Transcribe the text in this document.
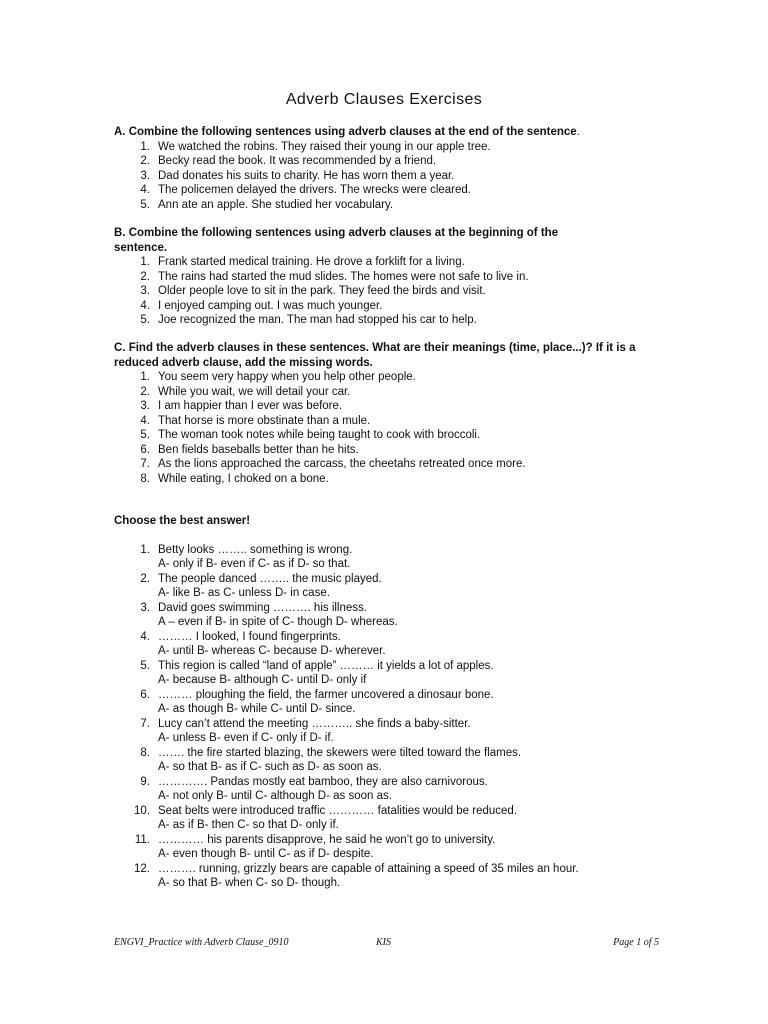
Adverb Clauses Exercises

A. Combine the following sentences using adverb clauses at the end of the sentence.

1. We watched the robins. They raised their young in our apple tree.
2. Becky read the book. It was recommended by a friend.
3. Dad donates his suits to charity. He has worn them a year.
4. The policemen delayed the drivers. The wrecks were cleared.
5. Ann ate an apple. She studied her vocabulary.

B. Combine the following sentences using adverb clauses at the beginning of the sentence.

1. Frank started medical training. He drove a forklift for a living.
2. The rains had started the mud slides. The homes were not safe to live in.
3. Older people love to sit in the park. They feed the birds and visit.
4. I enjoyed camping out. I was much younger.
5. Joe recognized the man. The man had stopped his car to help.

C. Find the adverb clauses in these sentences. What are their meanings (time, place...)? If it is a reduced adverb clause, add the missing words.

1. You seem very happy when you help other people.
2. While you wait, we will detail your car.
3. I am happier than I ever was before.
4. That horse is more obstinate than a mule.
5. The woman took notes while being taught to cook with broccoli.
6. Ben fields baseballs better than he hits.
7. As the lions approached the carcass, the cheetahs retreated once more.
8. While eating, I choked on a bone.

Choose the best answer!

1. Betty looks …….. something is wrong.
A- only if B- even if C- as if D- so that.
2. The people danced …….. the music played.
A- like B- as C- unless D- in case.
3. David goes swimming ………. his illness.
A – even if B- in spite of C- though D- whereas.
4. ……… I looked, I found fingerprints.
A- until B- whereas C- because D- wherever.
5. This region is called “land of apple” ……… it yields a lot of apples.
A- because B- although C- until D- only if
6. ……… ploughing the field, the farmer uncovered a dinosaur bone.
A- as though B- while C- until D- since.
7. Lucy can’t attend the meeting ……….. she finds a baby-sitter.
A- unless B- even if C- only if D- if.
8. ……. the fire started blazing, the skewers were tilted toward the flames.
A- so that B- as if C- such as D- as soon as.
9. …………. Pandas mostly eat bamboo, they are also carnivorous.
A- not only B- until C- although D- as soon as.
10. Seat belts were introduced traffic ………… fatalities would be reduced.
A- as if B- then C- so that D- only if.
11. ………… his parents disapprove, he said he won’t go to university.
A- even though B- until C- as if D- despite.
12. ………. running, grizzly bears are capable of attaining a speed of 35 miles an hour.
A- so that B- when C- so D- though.
ENGVI_Practice with Adverb Clause_0910	KIS	Page 1 of 5
